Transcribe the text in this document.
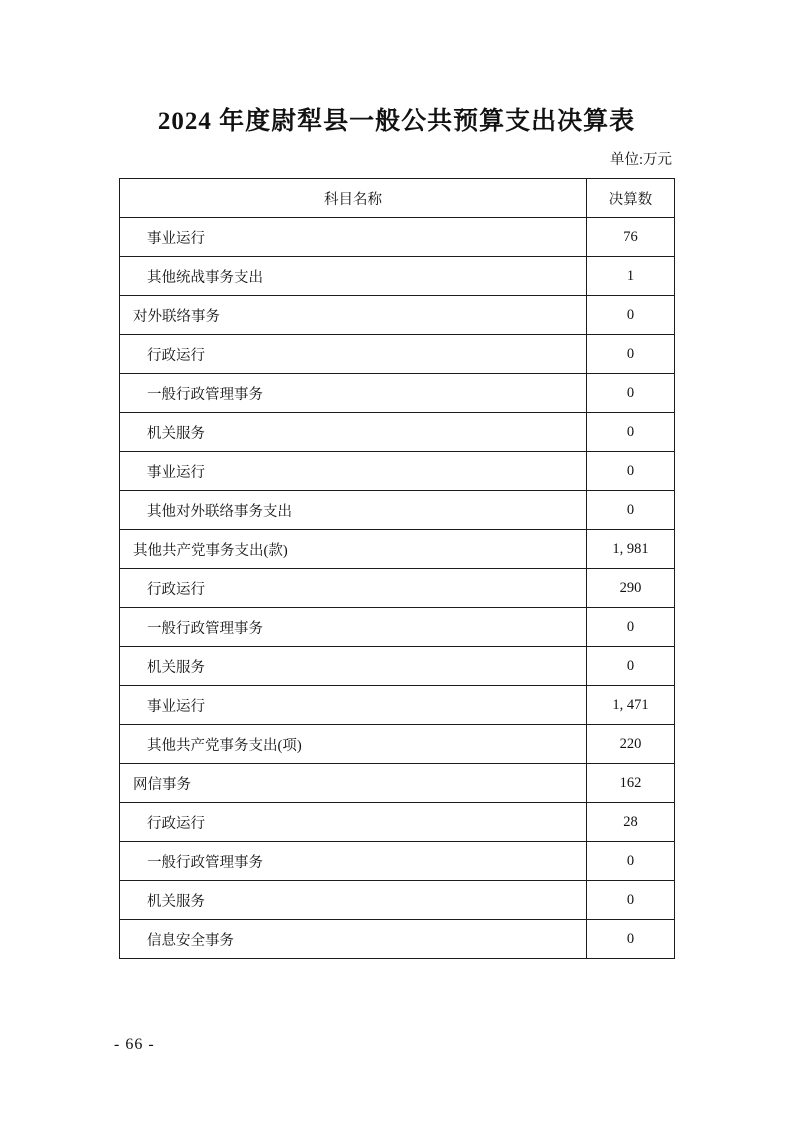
2024 年度尉犁县一般公共预算支出决算表
单位:万元
科目名称	决算数
事业运行	76
其他统战事务支出	1
对外联络事务	0
行政运行	0
一般行政管理事务	0
机关服务	0
事业运行	0
其他对外联络事务支出	0
其他共产党事务支出(款)	1, 981
行政运行	290
一般行政管理事务	0
机关服务	0
事业运行	1, 471
其他共产党事务支出(项)	220
网信事务	162
行政运行	28
一般行政管理事务	0
机关服务	0
信息安全事务	0
- 66 -
